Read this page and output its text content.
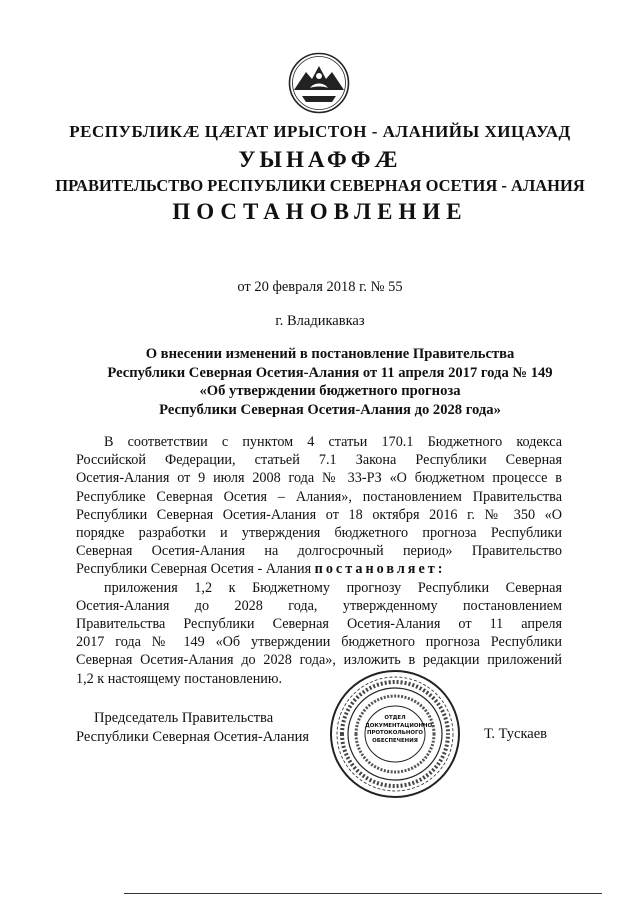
РЕСПУБЛИКÆ ЦÆГАТ ИРЫСТОН - АЛАНИЙЫ ХИЦАУАД
УЫНАФФÆ
ПРАВИТЕЛЬСТВО РЕСПУБЛИКИ СЕВЕРНАЯ ОСЕТИЯ - АЛАНИЯ
ПОСТАНОВЛЕНИЕ
от 20 февраля 2018 г. № 55
г. Владикавказ
О внесении изменений в постановление Правительства
Республики Северная Осетия-Алания от 11 апреля 2017 года № 149
«Об утверждении бюджетного прогноза
Республики Северная Осетия-Алания до 2028 года»
В соответствии с пунктом 4 статьи 170.1 Бюджетного кодекса
Российской Федерации, статьей 7.1 Закона Республики Северная
Осетия-Алания от 9 июля 2008 года № 33-РЗ «О бюджетном процессе в
Республике Северная Осетия – Алания», постановлением Правительства
Республики Северная Осетия-Алания от 18 октября 2016 г. № 350 «О
порядке разработки и утверждения бюджетного прогноза Республики
Северная Осетия-Алания на долгосрочный период» Правительство
Республики Северная Осетия - Алания постановляет:
приложения 1,2 к Бюджетному прогнозу Республики Северная
Осетия-Алания до 2028 года, утвержденному постановлением
Правительства Республики Северная Осетия-Алания от 11 апреля
2017 года № 149 «Об утверждении бюджетного прогноза Республики
Северная Осетия-Алания до 2028 года», изложить в редакции приложений
1,2 к настоящему постановлению.
Председатель Правительства
Республики Северная Осетия-Алания
ОТДЕЛ
ДОКУМЕНТАЦИОННО-
ПРОТОКОЛЬНОГО
ОБЕСПЕЧЕНИЯ	Т. Тускаев
